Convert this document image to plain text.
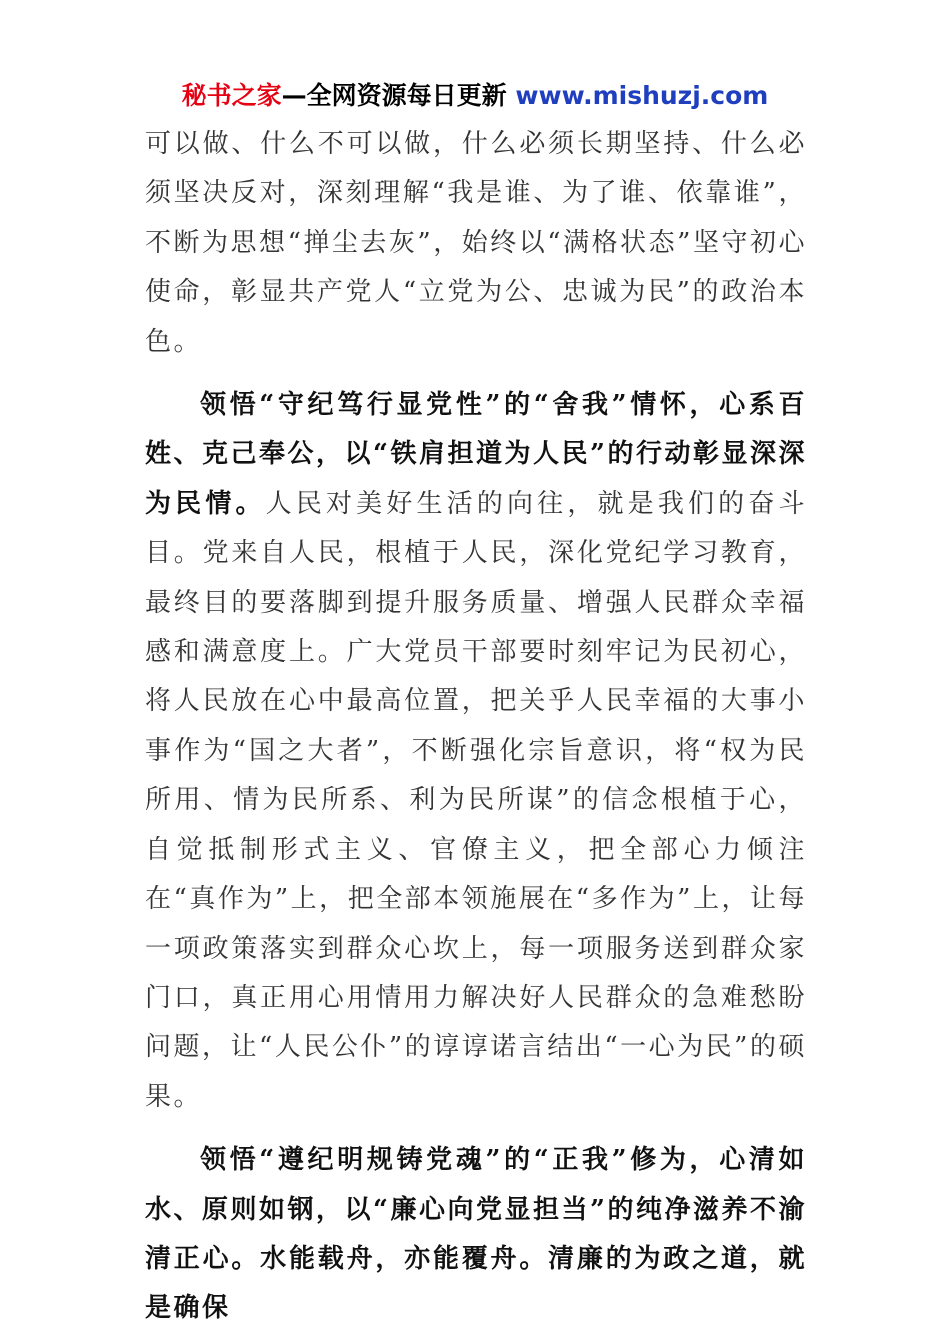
秘书之家—全网资源每日更新 www.mishuzj.com

可以做、什么不可以做，什么必须长期坚持、什么必须坚决反对，深刻理解“我是谁、为了谁、依靠谁”，不断为思想“掸尘去灰”，始终以“满格状态”坚守初心使命，彰显共产党人“立党为公、忠诚为民”的政治本色。

领悟“守纪笃行显党性”的“舍我”情怀，心系百姓、克己奉公，以“铁肩担道为人民”的行动彰显深深为民情。人民对美好生活的向往，就是我们的奋斗目。党来自人民，根植于人民，深化党纪学习教育，最终目的要落脚到提升服务质量、增强人民群众幸福感和满意度上。广大党员干部要时刻牢记为民初心，将人民放在心中最高位置，把关乎人民幸福的大事小事作为“国之大者”，不断强化宗旨意识，将“权为民所用、情为民所系、利为民所谋”的信念根植于心，自觉抵制形式主义、官僚主义，把全部心力倾注在“真作为”上，把全部本领施展在“多作为”上，让每一项政策落实到群众心坎上，每一项服务送到群众家门口，真正用心用情用力解决好人民群众的急难愁盼问题，让“人民公仆”的谆谆诺言结出“一心为民”的硕果。

领悟“遵纪明规铸党魂”的“正我”修为，心清如水、原则如钢，以“廉心向党显担当”的纯净滋养不渝清正心。水能载舟，亦能覆舟。清廉的为政之道，就是确保
